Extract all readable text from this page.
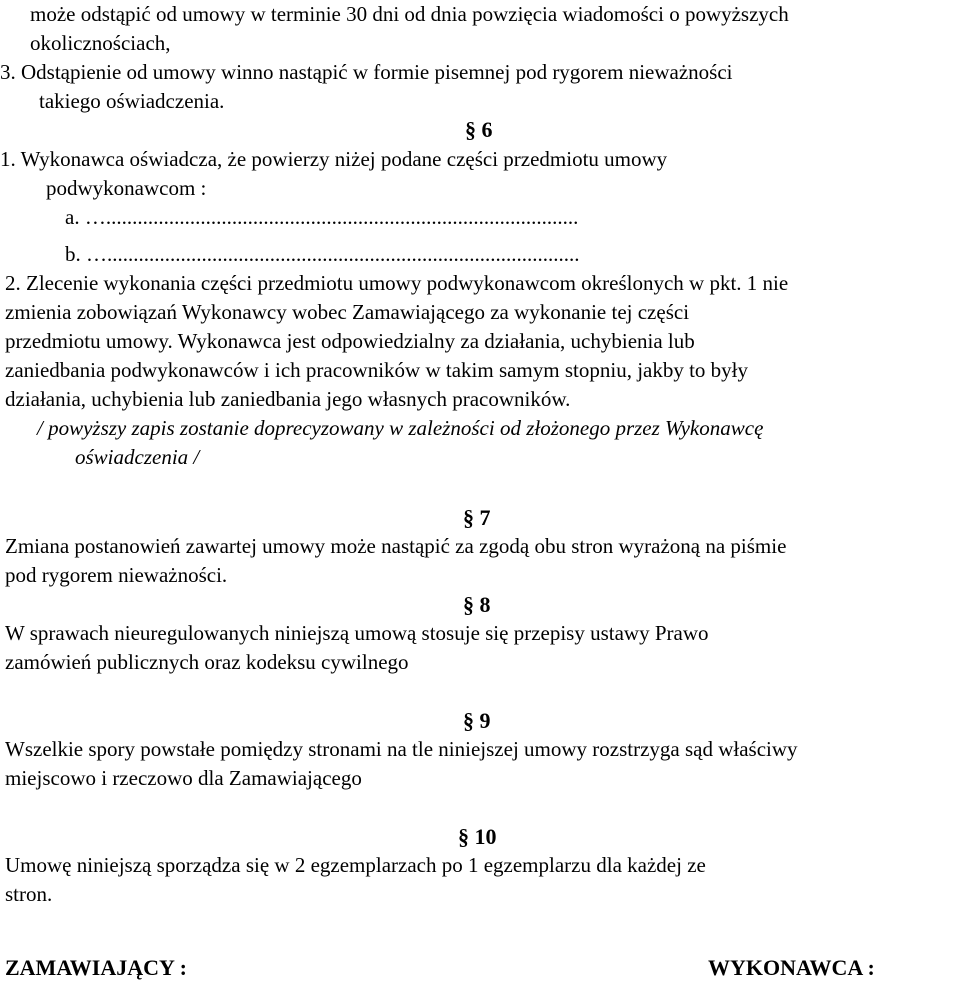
może odstąpić od umowy w terminie 30 dni od dnia powzięcia wiadomości o powyższych
okolicznościach,
3. Odstąpienie od umowy winno nastąpić w formie pisemnej pod rygorem nieważności
takiego oświadczenia.
§ 6
1. Wykonawca oświadcza, że powierzy niżej podane części przedmiotu umowy
podwykonawcom :
a. …..........................................................................................
b. …..........................................................................................
2. Zlecenie wykonania części przedmiotu umowy podwykonawcom określonych w pkt. 1 nie
zmienia zobowiązań Wykonawcy wobec Zamawiającego za wykonanie tej części
przedmiotu umowy. Wykonawca jest odpowiedzialny za działania, uchybienia lub
zaniedbania podwykonawców i ich pracowników w takim samym stopniu, jakby to były
działania, uchybienia lub zaniedbania jego własnych pracowników.
/ powyższy zapis zostanie doprecyzowany w zależności od złożonego przez Wykonawcę
oświadczenia /
§ 7
Zmiana postanowień zawartej umowy może nastąpić za zgodą obu stron wyrażoną na piśmie
pod rygorem nieważności.
§ 8
W sprawach nieuregulowanych niniejszą umową stosuje się przepisy ustawy Prawo
zamówień publicznych oraz kodeksu cywilnego
§ 9
Wszelkie spory powstałe pomiędzy stronami na tle niniejszej umowy rozstrzyga sąd właściwy
miejscowo i rzeczowo dla Zamawiającego
§ 10
Umowę niniejszą sporządza się w 2 egzemplarzach po 1 egzemplarzu dla każdej ze
stron.
ZAMAWIAJĄCY :	WYKONAWCA :
